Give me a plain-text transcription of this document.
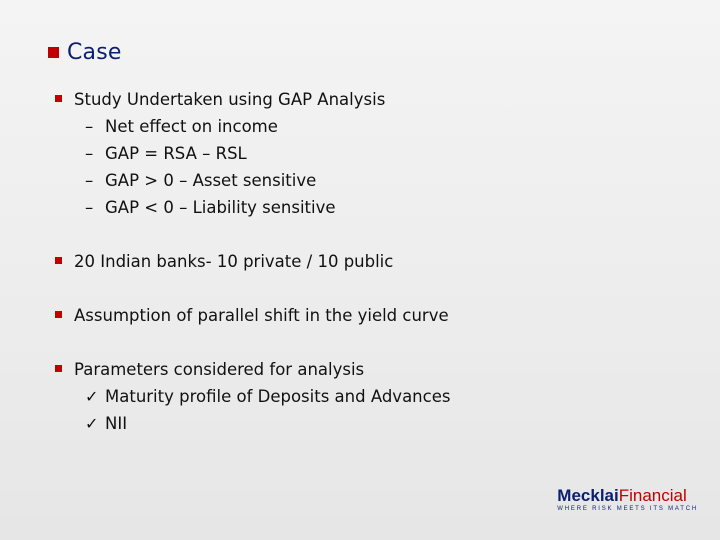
Case
Study Undertaken using GAP Analysis
– Net effect on income
– GAP = RSA – RSL
– GAP > 0 – Asset sensitive
– GAP < 0 – Liability sensitive
20 Indian banks- 10 private / 10 public
Assumption of parallel shift in the yield curve
Parameters considered for analysis
✓ Maturity profile of Deposits and Advances
✓ NII
MecklaiFinancial
WHERE RISK MEETS ITS MATCH
